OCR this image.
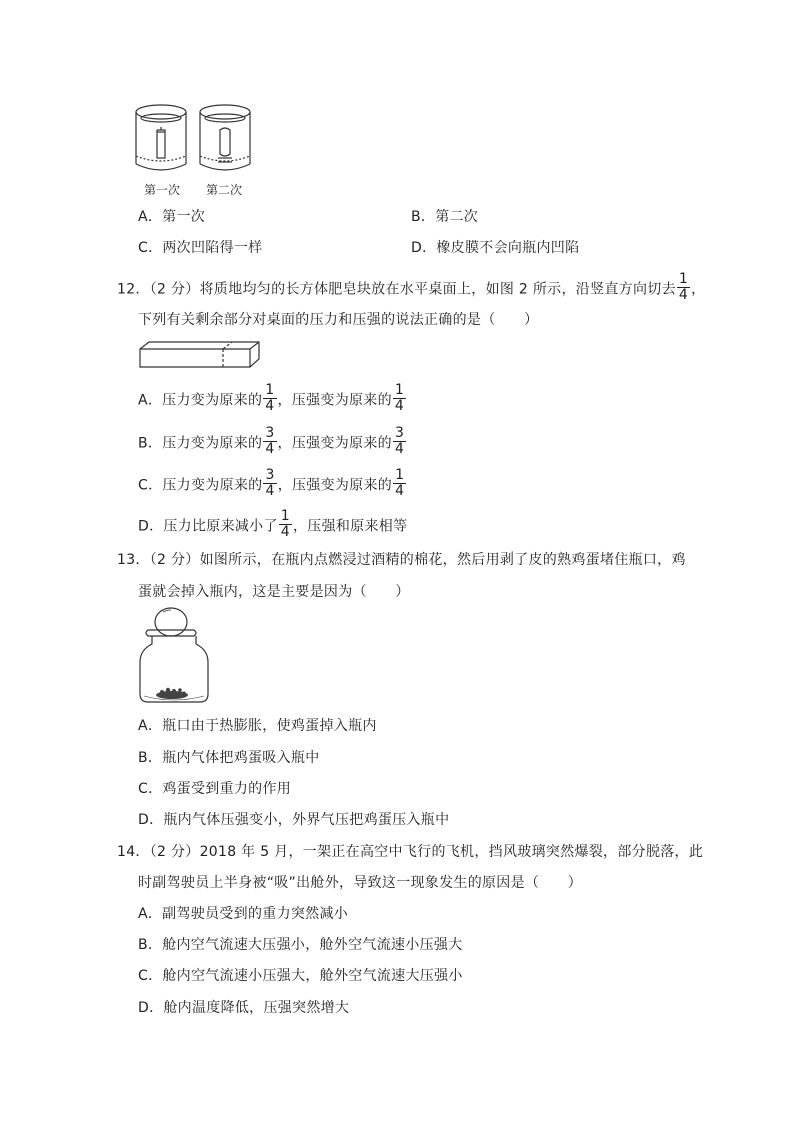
第一次 第二次
A．第一次	B．第二次
C．两次凹陷得一样	D．橡皮膜不会向瓶内凹陷
12．（2 分）将质地均匀的长方体肥皂块放在水平桌面上，如图 2 所示，沿竖直方向切去 $\frac{1}{4}$ ，
下列有关剩余部分对桌面的压力和压强的说法正确的是（　　）
A．压力变为原来的 $\frac{1}{4}$ ，压强变为原来的 $\frac{1}{4}$
B．压力变为原来的 $\frac{3}{4}$ ，压强变为原来的 $\frac{3}{4}$
C．压力变为原来的 $\frac{3}{4}$ ，压强变为原来的 $\frac{1}{4}$
D．压力比原来减小了 $\frac{1}{4}$ ，压强和原来相等
13．（2 分）如图所示，在瓶内点燃浸过酒精的棉花，然后用剥了皮的熟鸡蛋堵住瓶口，鸡
蛋就会掉入瓶内，这是主要是因为（　　）
A．瓶口由于热膨胀，使鸡蛋掉入瓶内
B．瓶内气体把鸡蛋吸入瓶中
C．鸡蛋受到重力的作用
D．瓶内气体压强变小，外界气压把鸡蛋压入瓶中
14．（2 分）2018 年 5 月，一架正在高空中飞行的飞机，挡风玻璃突然爆裂，部分脱落，此
时副驾驶员上半身被“吸”出舱外，导致这一现象发生的原因是（　　）
A．副驾驶员受到的重力突然减小
B．舱内空气流速大压强小，舱外空气流速小压强大
C．舱内空气流速小压强大，舱外空气流速大压强小
D．舱内温度降低，压强突然增大
